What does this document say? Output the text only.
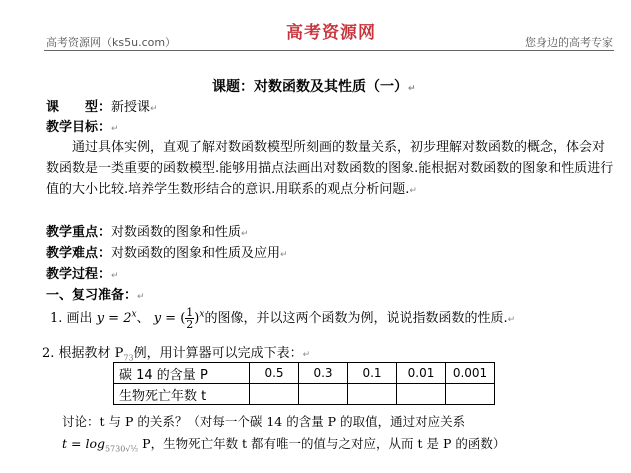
高考资源网（ks5u.com）	高考资源网	您身边的高考专家
课题：对数函数及其性质（一）↵
课　　型：新授课↵
教学目标：↵
通过具体实例，直观了解对数函数模型所刻画的数量关系，初步理解对数函数的概念，体会对数函数是一类重要的函数模型.能够用描点法画出对数函数的图象.能根据对数函数的图象和性质进行值的大小比较.培养学生数形结合的意识.用联系的观点分析问题.↵
教学重点：对数函数的图象和性质↵
教学难点：对数函数的图象和性质及应用↵
教学过程：↵
一、复习准备：↵
1. 画出 $y = 2^x$、 y = ( $\frac{1}{2} )^x$的图像，并以这两个函数为例，说说指数函数的性质.↵
2. 根据教材 $P_{73}$例，用计算器可以完成下表：↵
碳 14 的含量 P	0.5	0.3	0.1	0.01	0.001
生物死亡年数 t					
讨论：t 与 P 的关系？（对每一个碳 14 的含量 P 的取值，通过对应关系
$t = \log_{5730√\frac{1}{2}} P$，生物死亡年数 t 都有唯一的值与之对应，从而 t 是 P 的函数）
